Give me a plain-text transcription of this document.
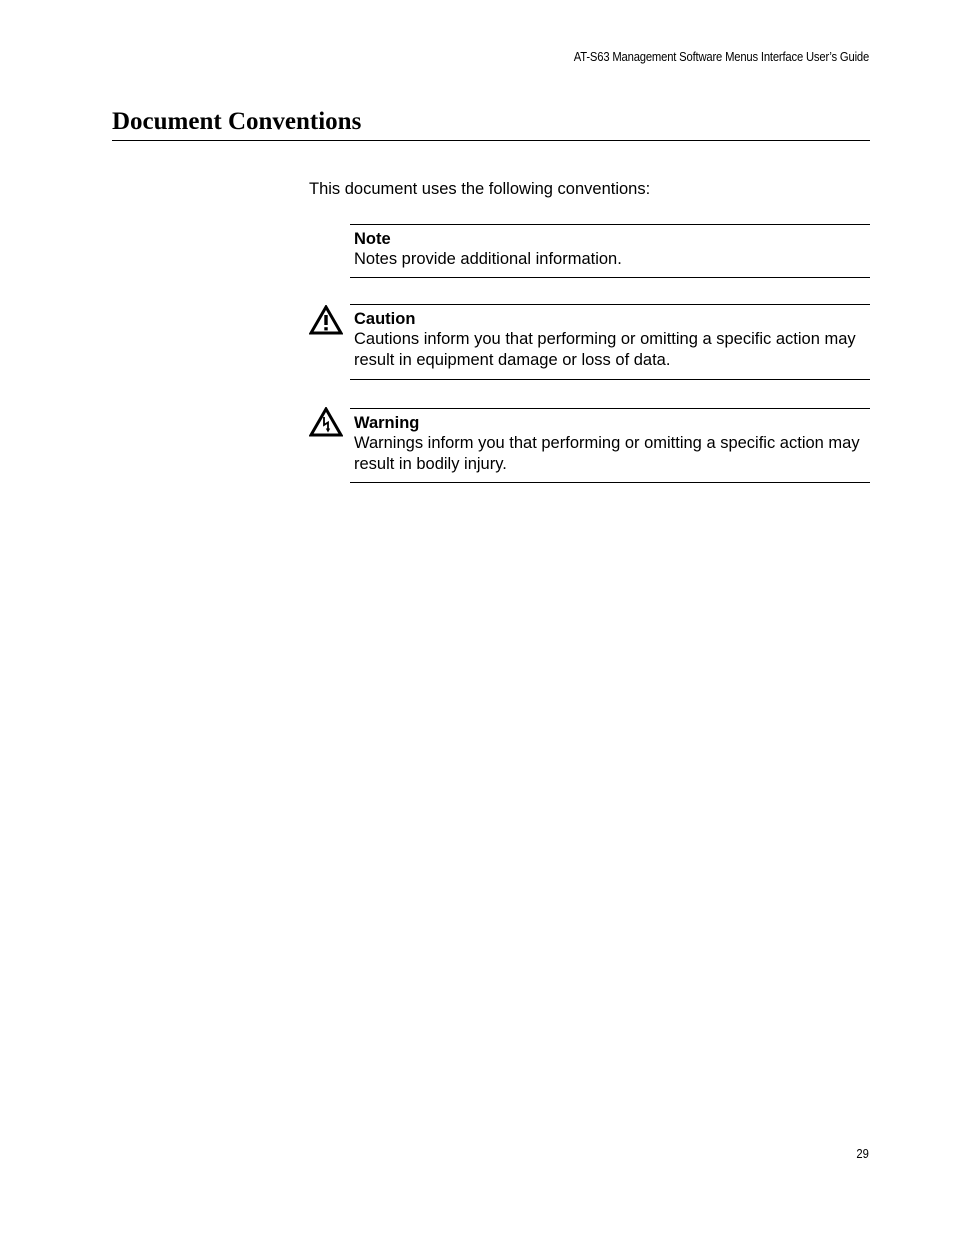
AT-S63 Management Software Menus Interface User’s Guide
Document Conventions
This document uses the following conventions:
Note
Notes provide additional information.
Caution
Cautions inform you that performing or omitting a specific action may result in equipment damage or loss of data.
Warning
Warnings inform you that performing or omitting a specific action may result in bodily injury.
29
